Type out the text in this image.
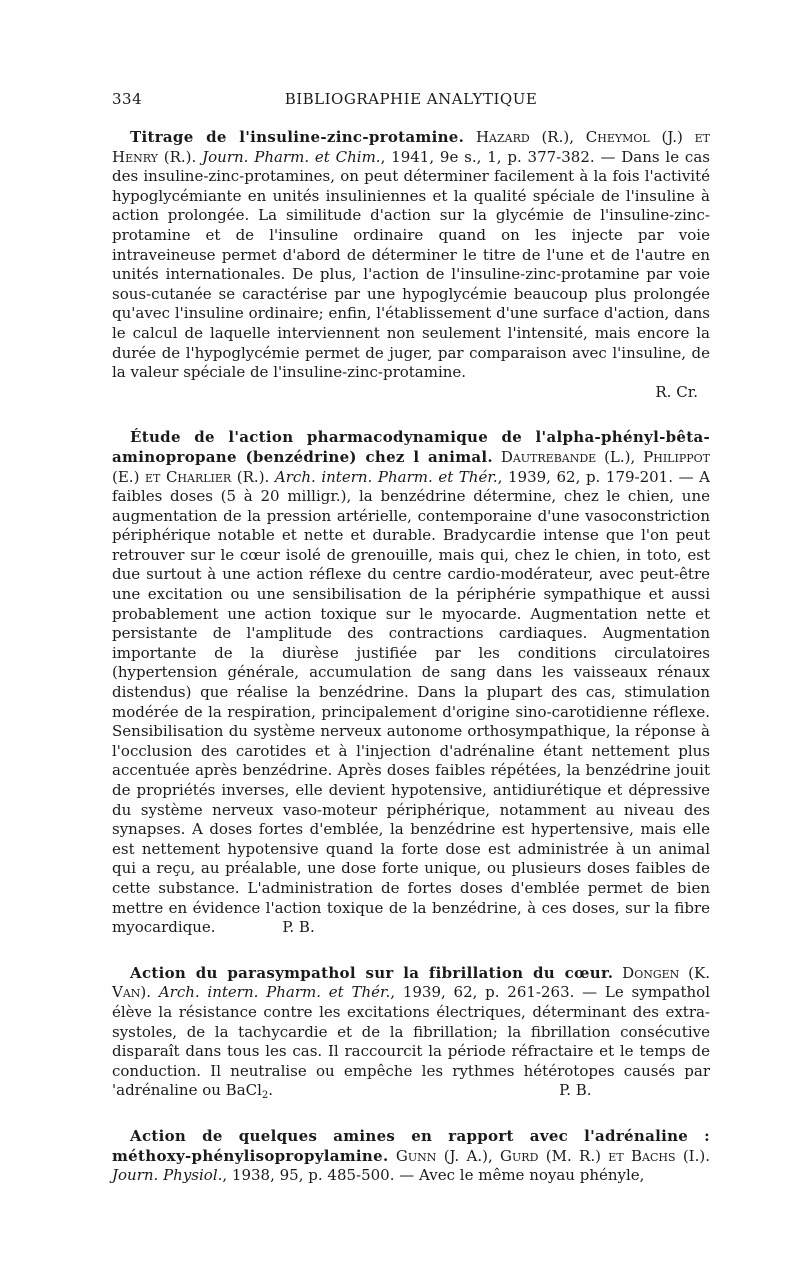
334	BIBLIOGRAPHIE ANALYTIQUE

Titrage de l'insuline-zinc-protamine. Hazard (R.), Cheymol (J.) et Henry (R.). Journ. Pharm. et Chim., 1941, 9e s., 1, p. 377-382. — Dans le cas des insuline-zinc-protamines, on peut déterminer facilement à la fois l'activité hypoglycémiante en unités insuliniennes et la qualité spéciale de l'insuline à action prolongée. La similitude d'action sur la glycémie de l'insuline-zinc-protamine et de l'insuline ordinaire quand on les injecte par voie intraveineuse permet d'abord de déterminer le titre de l'une et de l'autre en unités internationales. De plus, l'action de l'insuline-zinc-protamine par voie sous-cutanée se caractérise par une hypoglycémie beaucoup plus prolongée qu'avec l'insuline ordinaire; enfin, l'établissement d'une surface d'action, dans le calcul de laquelle interviennent non seulement l'intensité, mais encore la durée de l'hypoglycémie permet de juger, par comparaison avec l'insuline, de la valeur spéciale de l'insuline-zinc-protamine.

R. Cr.

Étude de l'action pharmacodynamique de l'alpha-phényl-bêta-aminopropane (benzédrine) chez l animal. Dautrebande (L.), Philippot (E.) et Charlier (R.). Arch. intern. Pharm. et Thér., 1939, 62, p. 179-201. — A faibles doses (5 à 20 milligr.), la benzédrine détermine, chez le chien, une augmentation de la pression artérielle, contemporaine d'une vasoconstriction périphérique notable et nette et durable. Bradycardie intense que l'on peut retrouver sur le cœur isolé de grenouille, mais qui, chez le chien, in toto, est due surtout à une action réflexe du centre cardio-modérateur, avec peut-être une excitation ou une sensibilisation de la périphérie sympathique et aussi probablement une action toxique sur le myocarde. Augmentation nette et persistante de l'amplitude des contractions cardiaques. Augmentation importante de la diurèse justifiée par les conditions circulatoires (hypertension générale, accumulation de sang dans les vaisseaux rénaux distendus) que réalise la benzédrine. Dans la plupart des cas, stimulation modérée de la respiration, principalement d'origine sino-carotidienne réflexe. Sensibilisation du système nerveux autonome orthosympathique, la réponse à l'occlusion des carotides et à l'injection d'adrénaline étant nettement plus accentuée après benzédrine. Après doses faibles répétées, la benzédrine jouit de propriétés inverses, elle devient hypotensive, antidiurétique et dépressive du système nerveux vaso-moteur périphérique, notamment au niveau des synapses. A doses fortes d'emblée, la benzédrine est hypertensive, mais elle est nettement hypotensive quand la forte dose est administrée à un animal qui a reçu, au préalable, une dose forte unique, ou plusieurs doses faibles de cette substance. L'administration de fortes doses d'emblée permet de bien mettre en évidence l'action toxique de la benzédrine, à ces doses, sur la fibre myocardique.	P. B.

Action du parasympathol sur la fibrillation du cœur. Dongen (K. Van). Arch. intern. Pharm. et Thér., 1939, 62, p. 261-263. — Le sympathol élève la résistance contre les excitations électriques, déterminant des extra-systoles, de la tachycardie et de la fibrillation; la fibrillation consécutive disparaît dans tous les cas. Il raccourcit la période réfractaire et le temps de conduction. Il neutralise ou empêche les rythmes hétérotopes causés par 'adrénaline ou BaCl$_2$.	P. B.

Action de quelques amines en rapport avec l'adrénaline : méthoxy-phénylisopropylamine. Gunn (J. A.), Gurd (M. R.) et Bachs (I.). Journ. Physiol., 1938, 95, p. 485-500. — Avec le même noyau phényle,
